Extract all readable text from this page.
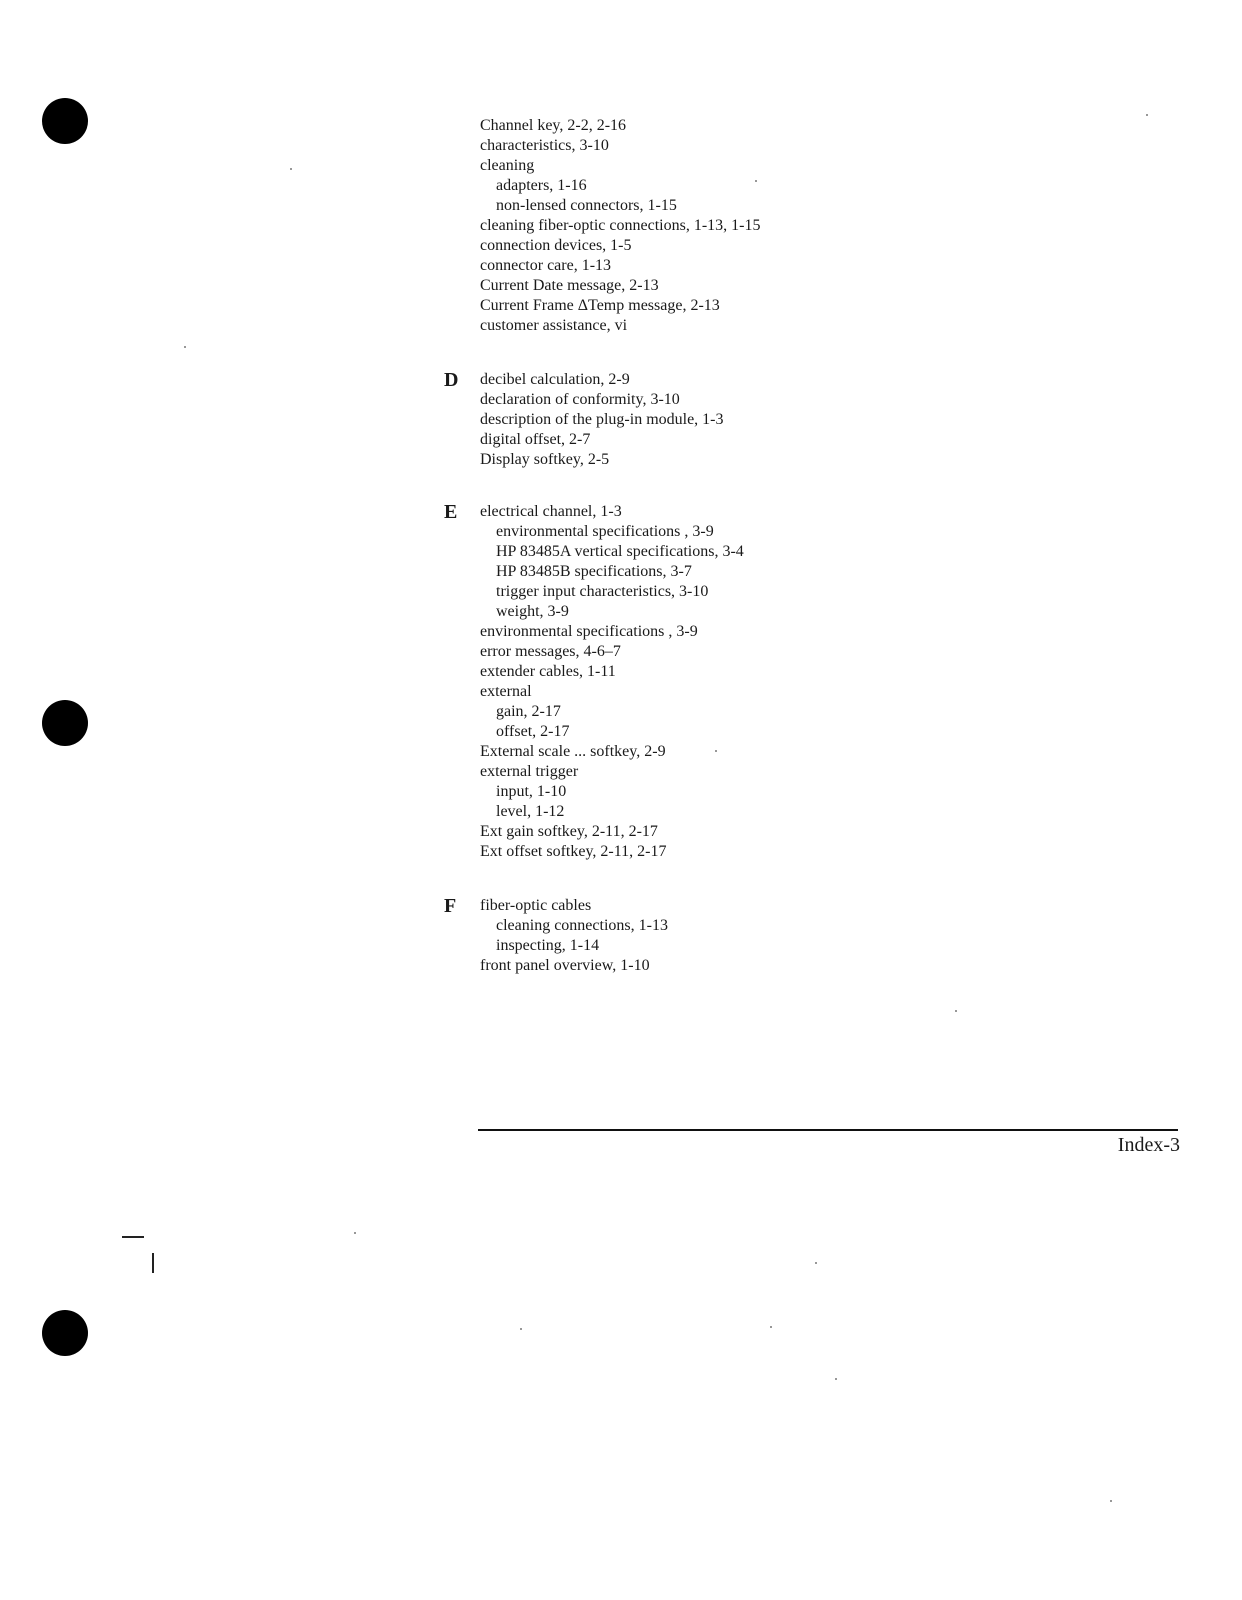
Channel key, 2-2, 2-16
characteristics, 3-10
cleaning
adapters, 1-16
non-lensed connectors, 1-15
cleaning fiber-optic connections, 1-13, 1-15
connection devices, 1-5
connector care, 1-13
Current Date message, 2-13
Current Frame ΔTemp message, 2-13
customer assistance, vi
D decibel calculation, 2-9
declaration of conformity, 3-10
description of the plug-in module, 1-3
digital offset, 2-7
Display softkey, 2-5
E electrical channel, 1-3
environmental specifications , 3-9
HP 83485A vertical specifications, 3-4
HP 83485B specifications, 3-7
trigger input characteristics, 3-10
weight, 3-9
environmental specifications , 3-9
error messages, 4-6–7
extender cables, 1-11
external
gain, 2-17
offset, 2-17
External scale ... softkey, 2-9
external trigger
input, 1-10
level, 1-12
Ext gain softkey, 2-11, 2-17
Ext offset softkey, 2-11, 2-17
F fiber-optic cables
cleaning connections, 1-13
inspecting, 1-14
front panel overview, 1-10
Index-3
